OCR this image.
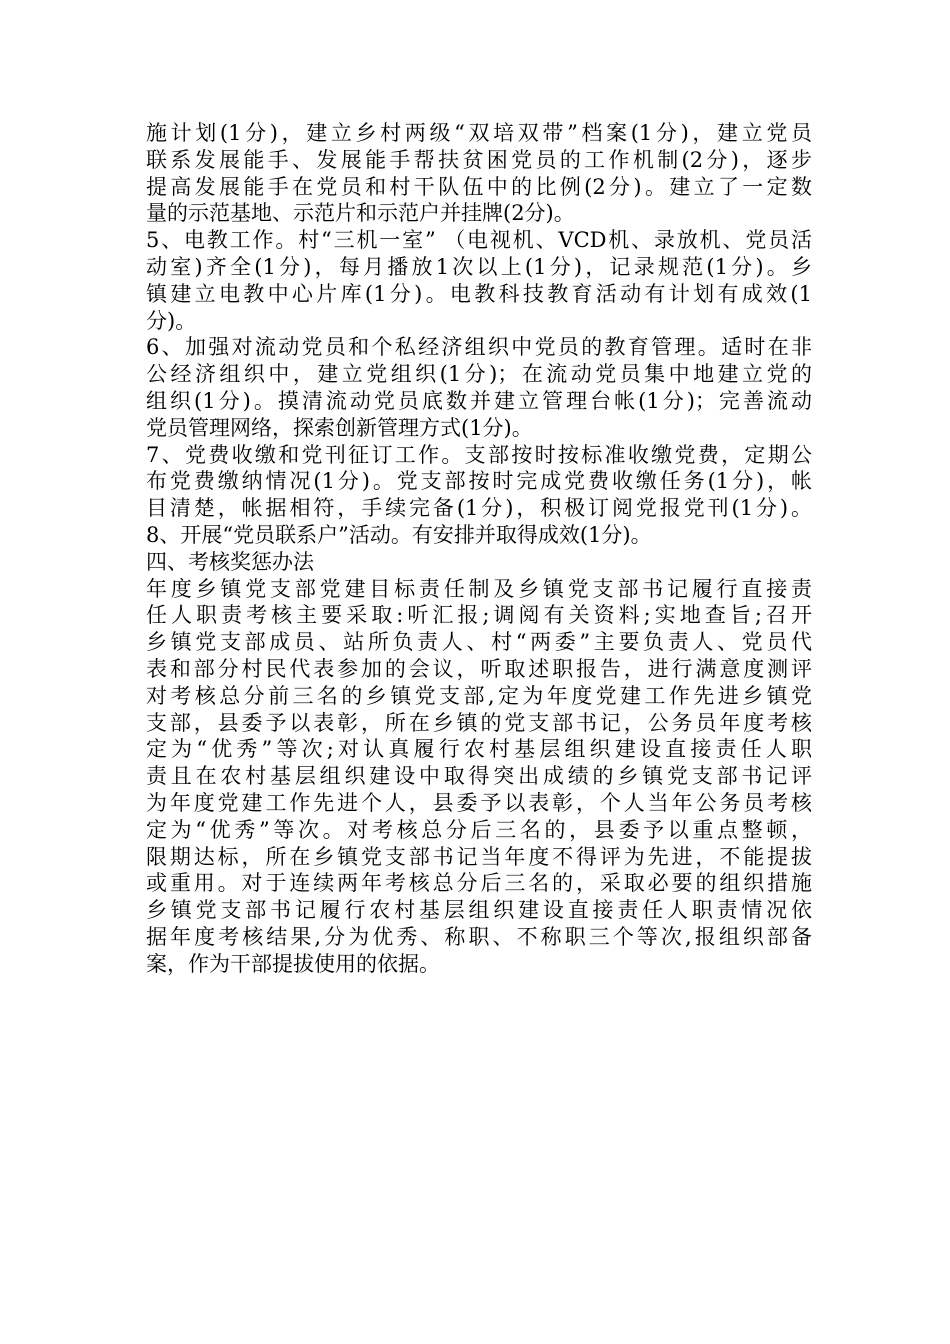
施计划(1分)，建立乡村两级“双培双带”档案(1分)，建立党员
联系发展能手、发展能手帮扶贫困党员的工作机制(2分)，逐步
提高发展能手在党员和村干队伍中的比例(2分)。建立了一定数
量的示范基地、示范片和示范户并挂牌(2分)。
5、电教工作。村“三机一室” （电视机、VCD机、录放机、党员活
动室)齐全(1分)，每月播放1次以上(1分)，记录规范(1分)。乡
镇建立电教中心片库(1分)。电教科技教育活动有计划有成效(1
分)。
6、加强对流动党员和个私经济组织中党员的教育管理。适时在非
公经济组织中，建立党组织(1分)；在流动党员集中地建立党的
组织(1分)。摸清流动党员底数并建立管理台帐(1分)；完善流动
党员管理网络，探索创新管理方式(1分)。
7、党费收缴和党刊征订工作。支部按时按标准收缴党费，定期公
布党费缴纳情况(1分)。党支部按时完成党费收缴任务(1分)，帐
目清楚，帐据相符，手续完备(1分)，积极订阅党报党刊(1分)。
8、开展“党员联系户”活动。有安排并取得成效(1分)。
四、考核奖惩办法
年度乡镇党支部党建目标责任制及乡镇党支部书记履行直接责
任人职责考核主要采取:听汇报;调阅有关资料;实地查旨;召开
乡镇党支部成员、站所负责人、村“两委”主要负责人、党员代
表和部分村民代表参加的会议，听取述职报告，进行满意度测评
对考核总分前三名的乡镇党支部,定为年度党建工作先进乡镇党
支部，县委予以表彰，所在乡镇的党支部书记，公务员年度考核
定为“优秀”等次;对认真履行农村基层组织建设直接责任人职
责且在农村基层组织建设中取得突出成绩的乡镇党支部书记评
为年度党建工作先进个人，县委予以表彰，个人当年公务员考核
定为“优秀”等次。对考核总分后三名的，县委予以重点整顿，
限期达标，所在乡镇党支部书记当年度不得评为先进，不能提拔
或重用。对于连续两年考核总分后三名的，采取必要的组织措施
乡镇党支部书记履行农村基层组织建设直接责任人职责情况依
据年度考核结果,分为优秀、称职、不称职三个等次,报组织部备
案，作为干部提拔使用的依据。
